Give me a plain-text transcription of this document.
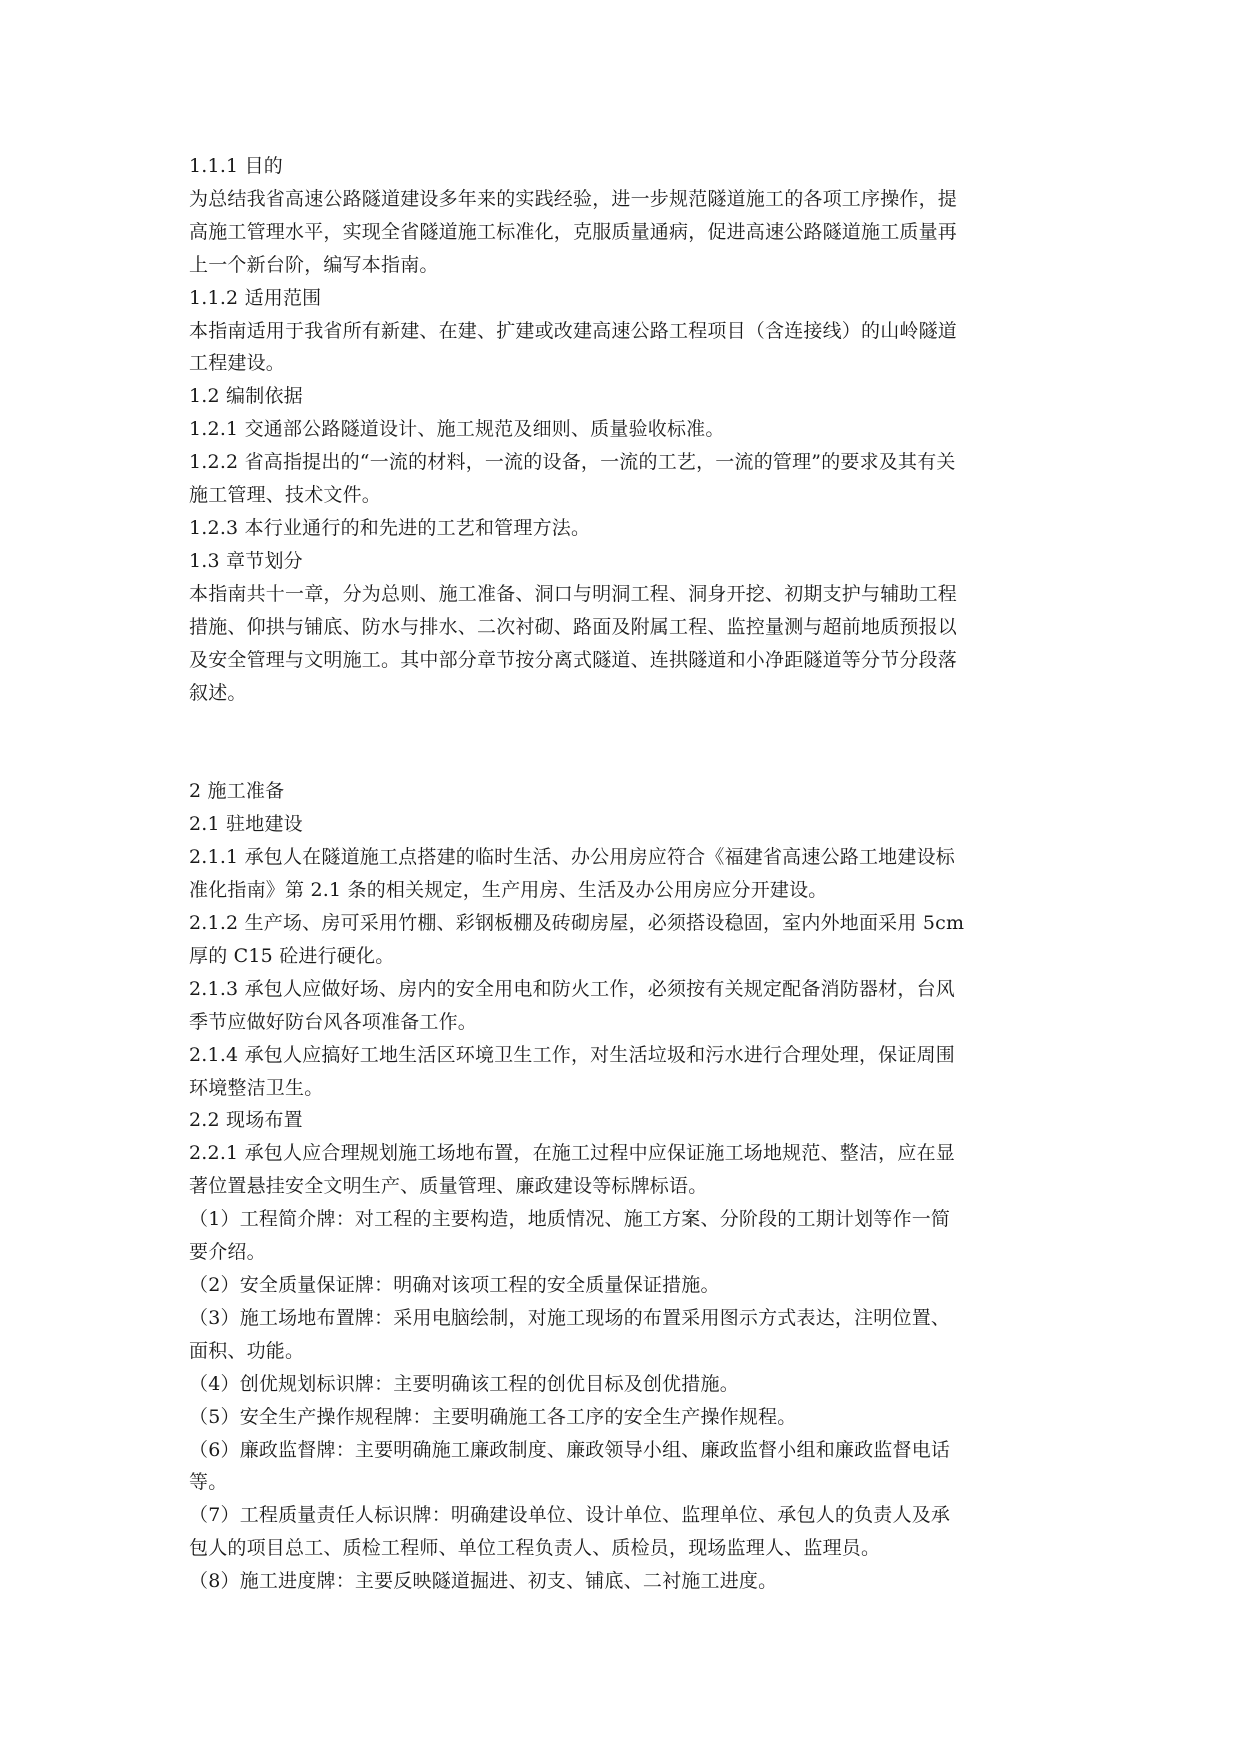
1.1.1 目的
为总结我省高速公路隧道建设多年来的实践经验，进一步规范隧道施工的各项工序操作，提
高施工管理水平，实现全省隧道施工标准化，克服质量通病，促进高速公路隧道施工质量再
上一个新台阶，编写本指南。
1.1.2 适用范围
本指南适用于我省所有新建、在建、扩建或改建高速公路工程项目（含连接线）的山岭隧道
工程建设。
1.2 编制依据
1.2.1 交通部公路隧道设计、施工规范及细则、质量验收标准。
1.2.2 省高指提出的“一流的材料，一流的设备，一流的工艺，一流的管理”的要求及其有关
施工管理、技术文件。
1.2.3 本行业通行的和先进的工艺和管理方法。
1.3 章节划分
本指南共十一章，分为总则、施工准备、洞口与明洞工程、洞身开挖、初期支护与辅助工程
措施、仰拱与铺底、防水与排水、二次衬砌、路面及附属工程、监控量测与超前地质预报以
及安全管理与文明施工。其中部分章节按分离式隧道、连拱隧道和小净距隧道等分节分段落
叙述。
2 施工准备
2.1 驻地建设
2.1.1 承包人在隧道施工点搭建的临时生活、办公用房应符合《福建省高速公路工地建设标
准化指南》第 2.1 条的相关规定，生产用房、生活及办公用房应分开建设。
2.1.2 生产场、房可采用竹棚、彩钢板棚及砖砌房屋，必须搭设稳固，室内外地面采用 5cm
厚的 C15 砼进行硬化。
2.1.3 承包人应做好场、房内的安全用电和防火工作，必须按有关规定配备消防器材，台风
季节应做好防台风各项准备工作。
2.1.4 承包人应搞好工地生活区环境卫生工作，对生活垃圾和污水进行合理处理，保证周围
环境整洁卫生。
2.2 现场布置
2.2.1 承包人应合理规划施工场地布置，在施工过程中应保证施工场地规范、整洁，应在显
著位置悬挂安全文明生产、质量管理、廉政建设等标牌标语。
（1）工程简介牌：对工程的主要构造，地质情况、施工方案、分阶段的工期计划等作一简
要介绍。
（2）安全质量保证牌：明确对该项工程的安全质量保证措施。
（3）施工场地布置牌：采用电脑绘制，对施工现场的布置采用图示方式表达，注明位置、
面积、功能。
（4）创优规划标识牌：主要明确该工程的创优目标及创优措施。
（5）安全生产操作规程牌：主要明确施工各工序的安全生产操作规程。
（6）廉政监督牌：主要明确施工廉政制度、廉政领导小组、廉政监督小组和廉政监督电话
等。
（7）工程质量责任人标识牌：明确建设单位、设计单位、监理单位、承包人的负责人及承
包人的项目总工、质检工程师、单位工程负责人、质检员，现场监理人、监理员。
（8）施工进度牌：主要反映隧道掘进、初支、铺底、二衬施工进度。
